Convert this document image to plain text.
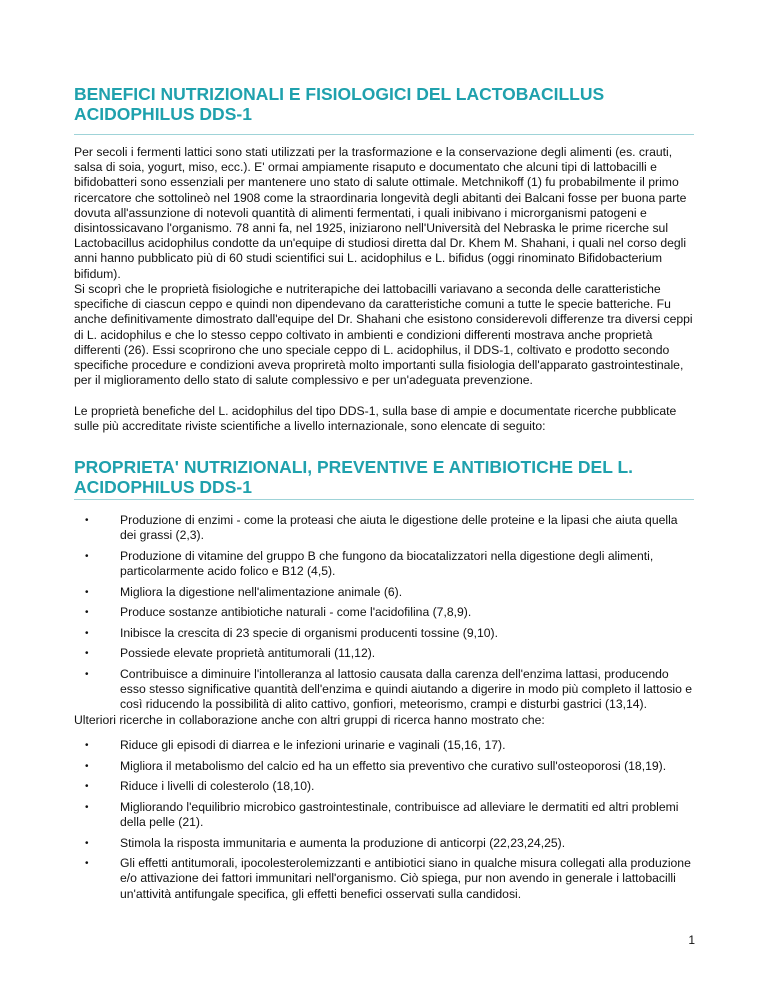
BENEFICI NUTRIZIONALI E FISIOLOGICI DEL LACTOBACILLUS ACIDOPHILUS DDS-1

Per secoli i fermenti lattici sono stati utilizzati per la trasformazione e la conservazione degli alimenti (es. crauti, salsa di soia, yogurt, miso, ecc.). E' ormai ampiamente risaputo e documentato che alcuni tipi di lattobacilli e bifidobatteri sono essenziali per mantenere uno stato di salute ottimale. Metchnikoff (1) fu probabilmente il primo ricercatore che sottolineò nel 1908 come la straordinaria longevità degli abitanti dei Balcani fosse per buona parte dovuta all'assunzione di notevoli quantità di alimenti fermentati, i quali inibivano i microrganismi patogeni e disintossicavano l'organismo. 78 anni fa, nel 1925, iniziarono nell'Università del Nebraska le prime ricerche sul Lactobacillus acidophilus condotte da un'equipe di studiosi diretta dal Dr. Khem M. Shahani, i quali nel corso degli anni hanno pubblicato più di 60 studi scientifici sui L. acidophilus e L. bifidus (oggi rinominato Bifidobacterium bifidum).

Si scoprì che le proprietà fisiologiche e nutriterapiche dei lattobacilli variavano a seconda delle caratteristiche specifiche di ciascun ceppo e quindi non dipendevano da caratteristiche comuni a tutte le specie batteriche. Fu anche definitivamente dimostrato dall'equipe del Dr. Shahani che esistono considerevoli differenze tra diversi ceppi di L. acidophilus e che lo stesso ceppo coltivato in ambienti e condizioni differenti mostrava anche proprietà differenti (26). Essi scoprirono che uno speciale ceppo di L. acidophilus, il DDS-1, coltivato e prodotto secondo specifiche procedure e condizioni aveva propriretà molto importanti sulla fisiologia dell'apparato gastrointestinale, per il miglioramento dello stato di salute complessivo e per un'adeguata prevenzione.

Le proprietà benefiche del L. acidophilus del tipo DDS-1, sulla base di ampie e documentate ricerche pubblicate sulle più accreditate riviste scientifiche a livello internazionale, sono elencate di seguito:

PROPRIETA' NUTRIZIONALI, PREVENTIVE E ANTIBIOTICHE DEL L. ACIDOPHILUS DDS-1
•	Produzione di enzimi - come la proteasi che aiuta le digestione delle proteine e la lipasi che aiuta quella dei grassi (2,3).
•	Produzione di vitamine del gruppo B che fungono da biocatalizzatori nella digestione degli alimenti, particolarmente acido folico e B12 (4,5).
•	Migliora la digestione nell'alimentazione animale (6).
•	Produce sostanze antibiotiche naturali - come l'acidofilina (7,8,9).
•	Inibisce la crescita di 23 specie di organismi producenti tossine (9,10).
•	Possiede elevate proprietà antitumorali (11,12).
•	Contribuisce a diminuire l'intolleranza al lattosio causata dalla carenza dell'enzima lattasi, producendo esso stesso significative quantità dell'enzima e quindi aiutando a digerire in modo più completo il lattosio e così riducendo la possibilità di alito cattivo, gonfiori, meteorismo, crampi e disturbi gastrici (13,14).

Ulteriori ricerche in collaborazione anche con altri gruppi di ricerca hanno mostrato che:

•	Riduce gli episodi di diarrea e le infezioni urinarie e vaginali (15,16, 17).
•	Migliora il metabolismo del calcio ed ha un effetto sia preventivo che curativo sull'osteoporosi (18,19).
•	Riduce i livelli di colesterolo (18,10).
•	Migliorando l'equilibrio microbico gastrointestinale, contribuisce ad alleviare le dermatiti ed altri problemi della pelle (21).
•	Stimola la risposta immunitaria e aumenta la produzione di anticorpi (22,23,24,25).
•	Gli effetti antitumorali, ipocolesterolemizzanti e antibiotici siano in qualche misura collegati alla produzione e/o attivazione dei fattori immunitari nell'organismo. Ciò spiega, pur non avendo in generale i lattobacilli un'attività antifungale specifica, gli effetti benefici osservati sulla candidosi.
1
